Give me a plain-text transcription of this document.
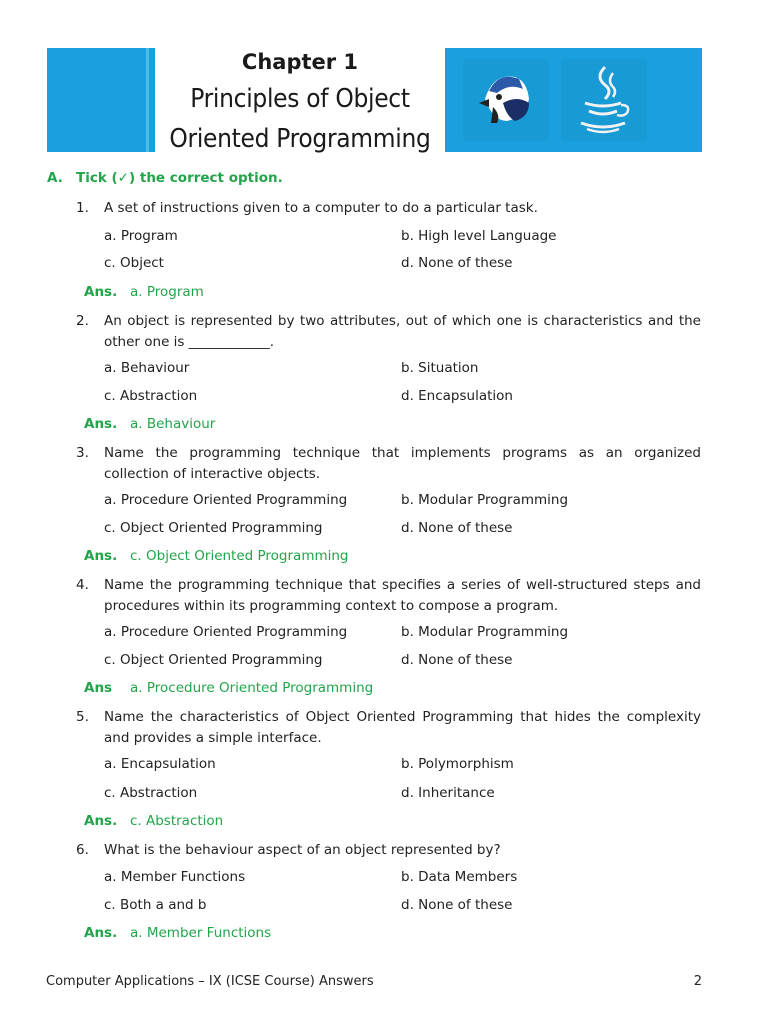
Chapter 1
Principles of Object
Oriented Programming
A. Tick (✓) the correct option.
1.	A set of instructions given to a computer to do a particular task.
a. Program	b. High level Language
c. Object	d. None of these
Ans. a. Program
2.	An object is represented by two attributes, out of which one is characteristics and the other one is ____________.
a. Behaviour	b. Situation
c. Abstraction	d. Encapsulation
Ans. a. Behaviour
3.	Name the programming technique that implements programs as an organized collection of interactive objects.
a. Procedure Oriented Programming	b. Modular Programming
c. Object Oriented Programming	d. None of these
Ans. c. Object Oriented Programming
4.	Name the programming technique that specifies a series of well-structured steps and procedures within its programming context to compose a program.
a. Procedure Oriented Programming	b. Modular Programming
c. Object Oriented Programming	d. None of these
Ans a. Procedure Oriented Programming
5.	Name the characteristics of Object Oriented Programming that hides the complexity and provides a simple interface.
a. Encapsulation	b. Polymorphism
c. Abstraction	d. Inheritance
Ans. c. Abstraction
6.	What is the behaviour aspect of an object represented by?
a. Member Functions	b. Data Members
c. Both a and b	d. None of these
Ans. a. Member Functions
Computer Applications – IX (ICSE Course) Answers	2
